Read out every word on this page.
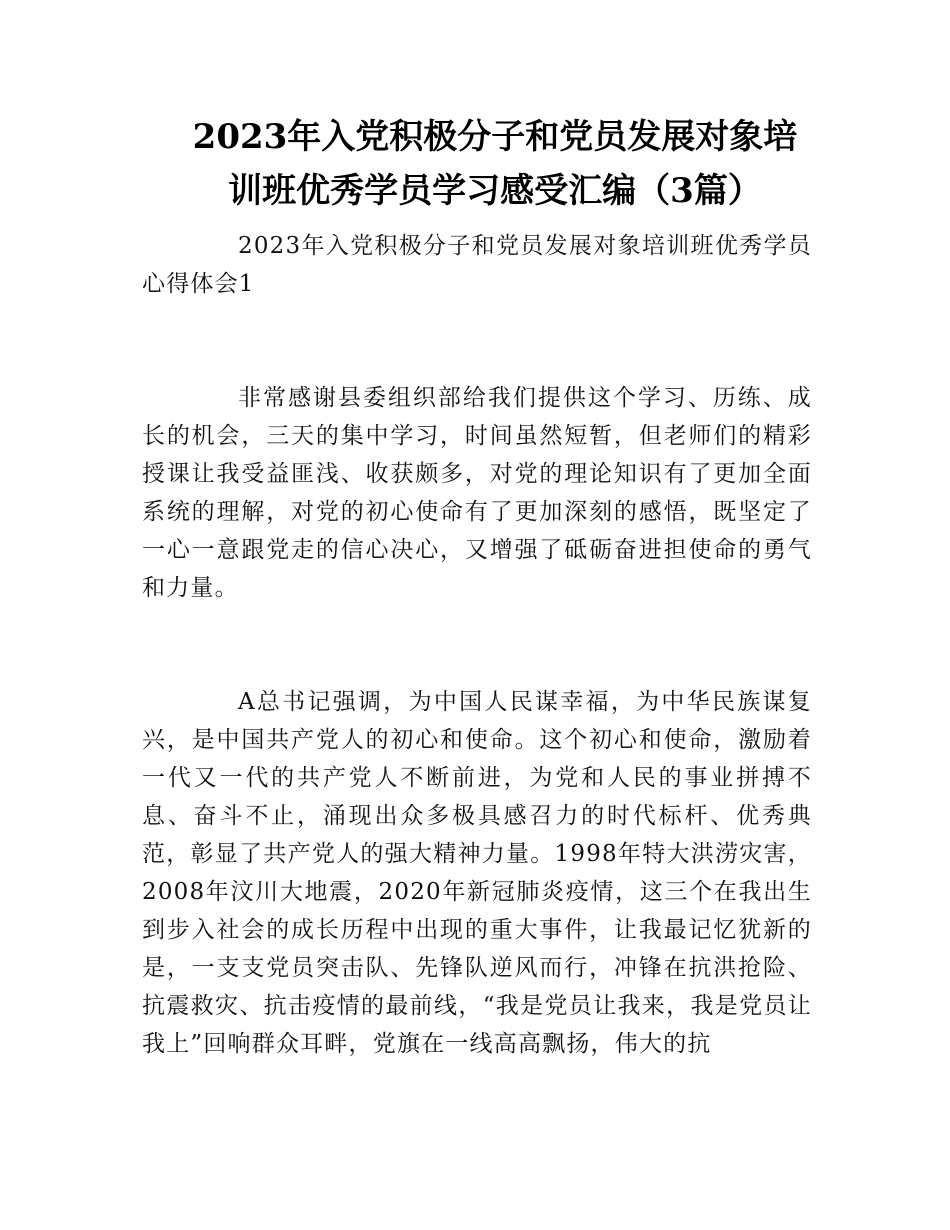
2023年入党积极分子和党员发展对象培
训班优秀学员学习感受汇编（3篇）

2023年入党积极分子和党员发展对象培训班优秀学员心得体会1

非常感谢县委组织部给我们提供这个学习、历练、成长的机会，三天的集中学习，时间虽然短暂，但老师们的精彩授课让我受益匪浅、收获颇多，对党的理论知识有了更加全面系统的理解，对党的初心使命有了更加深刻的感悟，既坚定了一心一意跟党走的信心决心，又增强了砥砺奋进担使命的勇气和力量。

A总书记强调，为中国人民谋幸福，为中华民族谋复兴，是中国共产党人的初心和使命。这个初心和使命，激励着一代又一代的共产党人不断前进，为党和人民的事业拼搏不息、奋斗不止，涌现出众多极具感召力的时代标杆、优秀典范，彰显了共产党人的强大精神力量。1998年特大洪涝灾害，2008年汶川大地震，2020年新冠肺炎疫情，这三个在我出生到步入社会的成长历程中出现的重大事件，让我最记忆犹新的是，一支支党员突击队、先锋队逆风而行，冲锋在抗洪抢险、抗震救灾、抗击疫情的最前线，“我是党员让我来，我是党员让我上”回响群众耳畔，党旗在一线高高飘扬，伟大的抗
